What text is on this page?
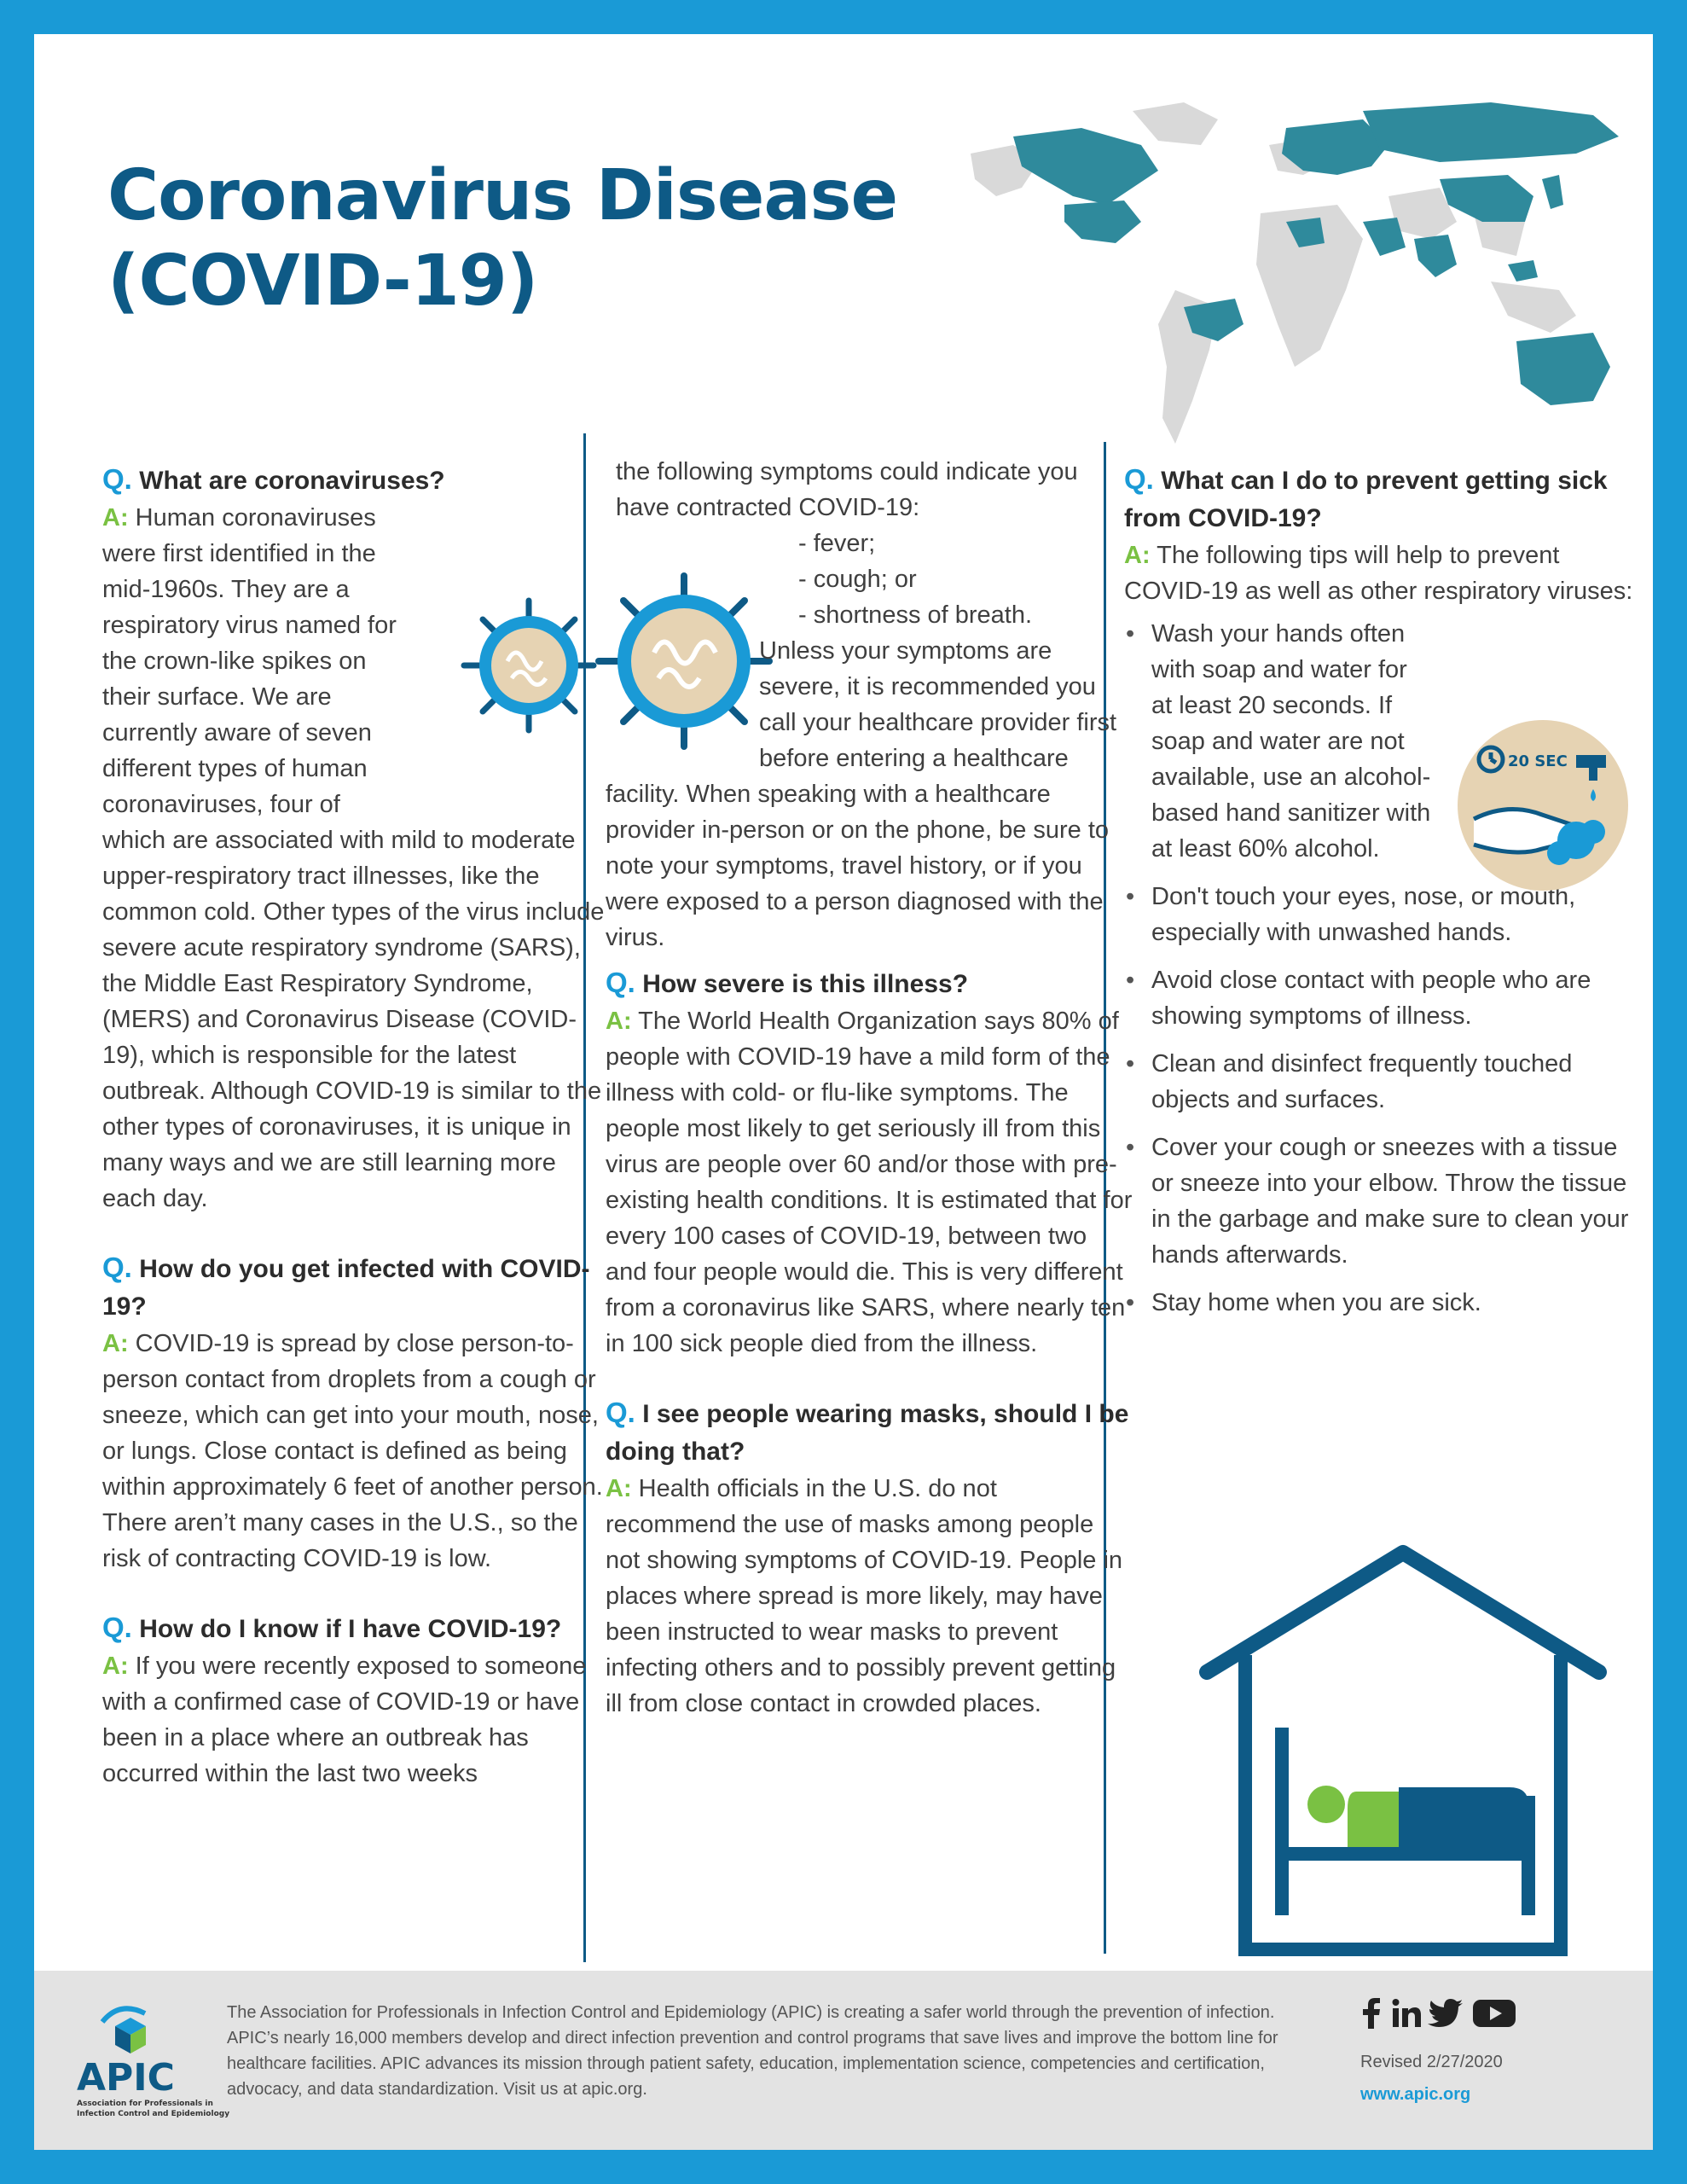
Coronavirus Disease
(COVID-19)

Q. What are coronaviruses?

A: Human coronaviruses were first identified in the mid-1960s. They are a respiratory virus named for the crown-like spikes on their surface. We are currently aware of seven different types of human coronaviruses, four of which are associated with mild to moderate upper-respiratory tract illnesses, like the common cold. Other types of the virus include severe acute respiratory syndrome (SARS), the Middle East Respiratory Syndrome, (MERS) and Coronavirus Disease (COVID-19), which is responsible for the latest outbreak. Although COVID-19 is similar to the other types of coronaviruses, it is unique in many ways and we are still learning more each day.

Q. How do you get infected with COVID-19?

A: COVID-19 is spread by close person-to-person contact from droplets from a cough or sneeze, which can get into your mouth, nose, or lungs. Close contact is defined as being within approximately 6 feet of another person. There aren’t many cases in the U.S., so the risk of contracting COVID-19 is low.

Q. How do I know if I have COVID-19?

A: If you were recently exposed to someone with a confirmed case of COVID-19 or have been in a place where an outbreak has occurred within the last two weeks

the following symptoms could indicate you have contracted COVID-19:

- fever;

- cough; or

- shortness of breath.

Unless your symptoms are severe, it is recommended you call your healthcare provider first before entering a healthcare facility. When speaking with a healthcare provider in-person or on the phone, be sure to note your symptoms, travel history, or if you were exposed to a person diagnosed with the virus.

Q. How severe is this illness?

A: The World Health Organization says 80% of people with COVID-19 have a mild form of the illness with cold- or flu-like symptoms. The people most likely to get seriously ill from this virus are people over 60 and/or those with pre-existing health conditions. It is estimated that for every 100 cases of COVID-19, between two and four people would die. This is very different from a coronavirus like SARS, where nearly ten in 100 sick people died from the illness.

Q. I see people wearing masks, should I be doing that?

A: Health officials in the U.S. do not recommend the use of masks among people not showing symptoms of COVID-19. People in places where spread is more likely, may have been instructed to wear masks to prevent infecting others and to possibly prevent getting ill from close contact in crowded places.

Q. What can I do to prevent getting sick from COVID-19?

A: The following tips will help to prevent COVID-19 as well as other respiratory viruses:

• Wash your hands often with soap and water for at least 20 seconds. If soap and water are not available, use an alcohol-based hand sanitizer with at least 60% alcohol.
• Don't touch your eyes, nose, or mouth, especially with unwashed hands.
• Avoid close contact with people who are showing symptoms of illness.
• Clean and disinfect frequently touched objects and surfaces.
• Cover your cough or sneezes with a tissue or sneeze into your elbow. Throw the tissue in the garbage and make sure to clean your hands afterwards.
• Stay home when you are sick.
20 SEC
APIC
Association for Professionals in
Infection Control and Epidemiology

The Association for Professionals in Infection Control and Epidemiology (APIC) is creating a safer world through the prevention of infection. APIC’s nearly 16,000 members develop and direct infection prevention and control programs that save lives and improve the bottom line for healthcare facilities. APIC advances its mission through patient safety, education, implementation science, competencies and certification, advocacy, and data standardization. Visit us at apic.org.

Revised 2/27/2020

www.apic.org
